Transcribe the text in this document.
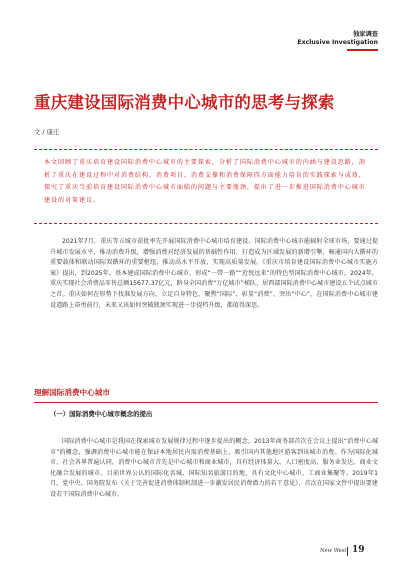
独家调查
Exclusive Investigation
重庆建设国际消费中心城市的思考与探索
文 / 康庄
本文回顾了重庆培育建设国际消费中心城市的主要探索，分析了国际消费中心城市的内涵与建设思路，剖析了重庆在建设过程中对消费结构、消费项目、消费支撑和消费保障四方面能力培育的实践探索与成效，探究了重庆当前培育建设国际消费中心城市面临的问题与主要瓶颈，提出了进一步推进国际消费中心城市建设的对策建议。
2021年7月，重庆等五城市获批率先开展国际消费中心城市培育建设。国际消费中心城市能辐射全球市场，要通过提升城市发展水平，推动消费升级，增强消费对经济发展的基础性作用，打造成为区域发展的新增引擎，畅通国内大循环的重要载体和联动国际双循环的重要枢纽，推动高水平开放，实现高质量发展。《重庆市培育建设国际消费中心城市实施方案》提出，到2025年，基本建成国际消费中心城市，形成“一带一路”“近悦远来”的特色型国际消费中心城市。2024年，重庆实现社会消费品零售总额15677.37亿元，跻身全国消费“万亿城市”梯队，居西部国际消费中心城市建设五个试点城市之首。重庆如何在形势下找准发展方向，立足自身特色，聚焦“国际”、彰显“消费”、突出“中心”，在国际消费中心城市建设道路上奋勇前行，未来又该如何突破瓶颈实现进一步提档升级，都值得深思。
理解国际消费中心城市
（一）国际消费中心城市概念的提出
国际消费中心城市是我国在探索城市发展规律过程中逐步提出的概念。2013年商务部首次在会议上提出“消费中心城市”的概念，强调消费中心城市能在保证本地居民内需消费基础上，吸引国内其他地区游客到该城市消费。作为国际化城市，社会各界普遍认同，消费中心城市首先是中心城市和商业城市，具有经济体量大、人口密度高、服务业发达、商业文化融合发展的城市。目前世界公认的国际化名城、国际知名旅游目的地，具有文化中心城市、工商业集聚等。2019年1月，党中央、国务院发布《关于完善促进消费体制机制进一步激发居民消费潜力的若干意见》，首次在国家文件中提出要建设若干国际消费中心城市。
New West 19
